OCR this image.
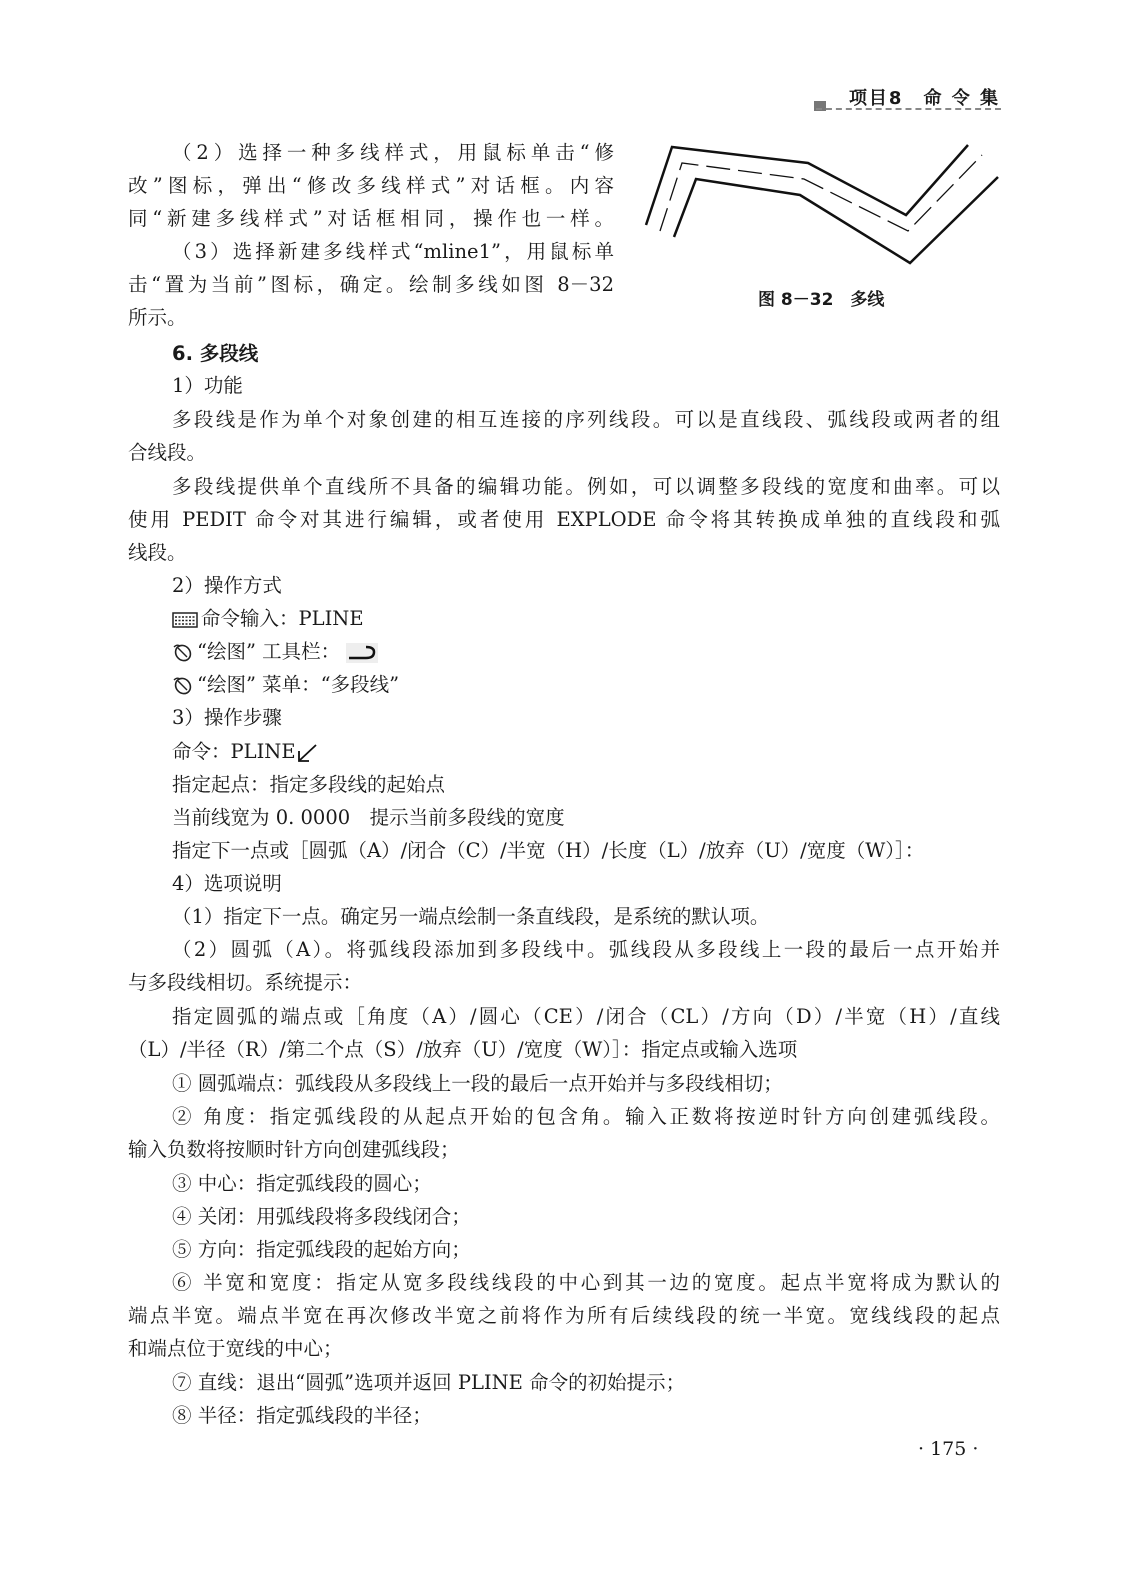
项目8　命 令 集
（2）选择一种多线样式，用鼠标单击“修
改”图标，弹出“修改多线样式”对话框。内容
同“新建多线样式”对话框相同，操作也一样。
（3）选择新建多线样式“mline1”，用鼠标单
击“置为当前”图标，确定。绘制多线如图 8－32
所示。
图 8－32　多线
6. 多段线
1）功能
多段线是作为单个对象创建的相互连接的序列线段。可以是直线段、弧线段或两者的组
合线段。
多段线提供单个直线所不具备的编辑功能。例如，可以调整多段线的宽度和曲率。可以
使用 PEDIT 命令对其进行编辑，或者使用 EXPLODE 命令将其转换成单独的直线段和弧
线段。
2）操作方式
命令输入：PLINE
“绘图” 工具栏：
“绘图” 菜单：“多段线”
3）操作步骤
命令：PLINE
指定起点：指定多段线的起始点
当前线宽为 0. 0000　提示当前多段线的宽度
指定下一点或［圆弧（A）/闭合（C）/半宽（H）/长度（L）/放弃（U）/宽度（W）］：
4）选项说明
（1）指定下一点。确定另一端点绘制一条直线段，是系统的默认项。
（2）圆弧（A）。将弧线段添加到多段线中。弧线段从多段线上一段的最后一点开始并
与多段线相切。系统提示：
指定圆弧的端点或［角度（A）/圆心（CE）/闭合（CL）/方向（D）/半宽（H）/直线
（L）/半径（R）/第二个点（S）/放弃（U）/宽度（W）］：指定点或输入选项
① 圆弧端点：弧线段从多段线上一段的最后一点开始并与多段线相切；
② 角度：指定弧线段的从起点开始的包含角。输入正数将按逆时针方向创建弧线段。
输入负数将按顺时针方向创建弧线段；
③ 中心：指定弧线段的圆心；
④ 关闭：用弧线段将多段线闭合；
⑤ 方向：指定弧线段的起始方向；
⑥ 半宽和宽度：指定从宽多段线线段的中心到其一边的宽度。起点半宽将成为默认的
端点半宽。端点半宽在再次修改半宽之前将作为所有后续线段的统一半宽。宽线线段的起点
和端点位于宽线的中心；
⑦ 直线：退出“圆弧”选项并返回 PLINE 命令的初始提示；
⑧ 半径：指定弧线段的半径；
· 175 ·
